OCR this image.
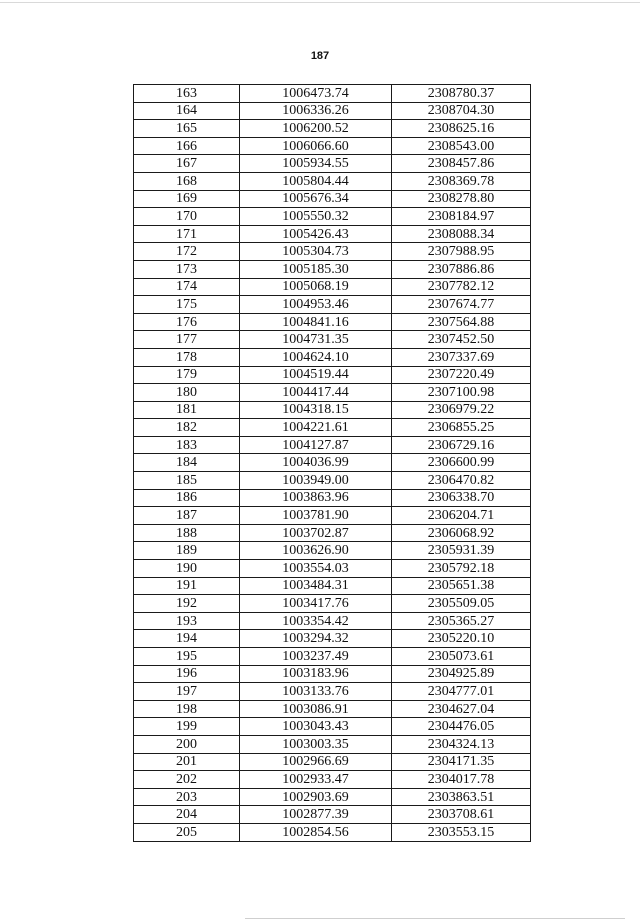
187
163	1006473.74	2308780.37
164	1006336.26	2308704.30
165	1006200.52	2308625.16
166	1006066.60	2308543.00
167	1005934.55	2308457.86
168	1005804.44	2308369.78
169	1005676.34	2308278.80
170	1005550.32	2308184.97
171	1005426.43	2308088.34
172	1005304.73	2307988.95
173	1005185.30	2307886.86
174	1005068.19	2307782.12
175	1004953.46	2307674.77
176	1004841.16	2307564.88
177	1004731.35	2307452.50
178	1004624.10	2307337.69
179	1004519.44	2307220.49
180	1004417.44	2307100.98
181	1004318.15	2306979.22
182	1004221.61	2306855.25
183	1004127.87	2306729.16
184	1004036.99	2306600.99
185	1003949.00	2306470.82
186	1003863.96	2306338.70
187	1003781.90	2306204.71
188	1003702.87	2306068.92
189	1003626.90	2305931.39
190	1003554.03	2305792.18
191	1003484.31	2305651.38
192	1003417.76	2305509.05
193	1003354.42	2305365.27
194	1003294.32	2305220.10
195	1003237.49	2305073.61
196	1003183.96	2304925.89
197	1003133.76	2304777.01
198	1003086.91	2304627.04
199	1003043.43	2304476.05
200	1003003.35	2304324.13
201	1002966.69	2304171.35
202	1002933.47	2304017.78
203	1002903.69	2303863.51
204	1002877.39	2303708.61
205	1002854.56	2303553.15
